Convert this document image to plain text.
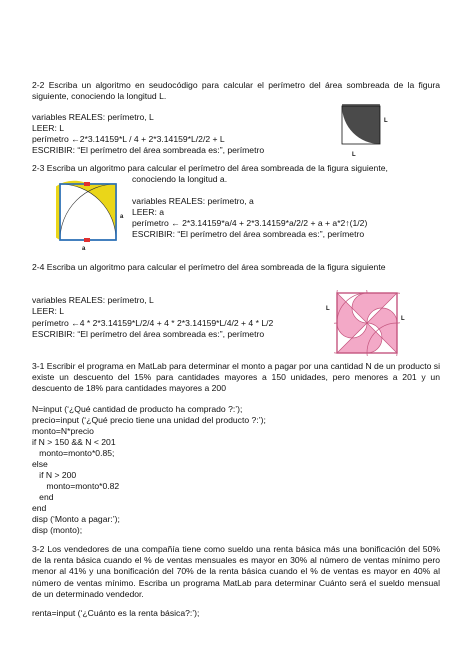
2-2 Escriba un algoritmo en seudocódigo para calcular el perímetro del área sombreada de la figura siguiente, conociendo la longitud L.

variables REALES: perímetro, L

LEER: L

perímetro ←2*3.14159*L / 4 + 2*3.14159*L/2/2 + L

ESCRIBIR: “El perímetro del área sombreada es:”, perímetro

L
L

2-3 Escriba un algoritmo para calcular el perímetro del área sombreada de la figura siguiente,

conociendo la longitud a.

variables REALES: perímetro, a

LEER: a

perímetro ← 2*3.14159*a/4 + 2*3.14159*a/2/2 + a + a*2↑(1/2)

ESCRIBIR: “El perímetro del área sombreada es:”, perímetro

a
a

2-4 Escriba un algoritmo para calcular el perímetro del área sombreada de la figura siguiente

variables REALES: perímetro, L

LEER: L

perímetro ←4 * 2*3.14159*L/2/4 + 4 * 2*3.14159*L/4/2 + 4 * L/2

ESCRIBIR: “El perímetro del área sombreada es:”, perímetro

L
L

3-1 Escribir el programa en MatLab para determinar el monto a pagar por una cantidad N de un producto si existe un descuento del 15% para cantidades mayores a 150 unidades, pero menores a 201 y un descuento de 18% para cantidades mayores a 200

N=input (‘¿Qué cantidad de producto ha comprado ?:’);

precio=input (‘¿Qué precio tiene una unidad del producto ?:’);

monto=N*precio

if N > 150 && N < 201

monto=monto*0.85;

else

if N > 200

monto=monto*0.82

end

end

disp (‘Monto a pagar:’);

disp (monto);

3-2 Los vendedores de una compañía tiene como sueldo una renta básica más una bonificación del 50% de la renta básica cuando el % de ventas mensuales es mayor en 30% al número de ventas mínimo pero menor al 41% y una bonificación del 70% de la renta básica cuando el % de ventas es mayor en 40% al número de ventas mínimo. Escriba un programa MatLab para determinar Cuánto será el sueldo mensual de un determinado vendedor.

renta=input (‘¿Cuánto es la renta básica?:’);
